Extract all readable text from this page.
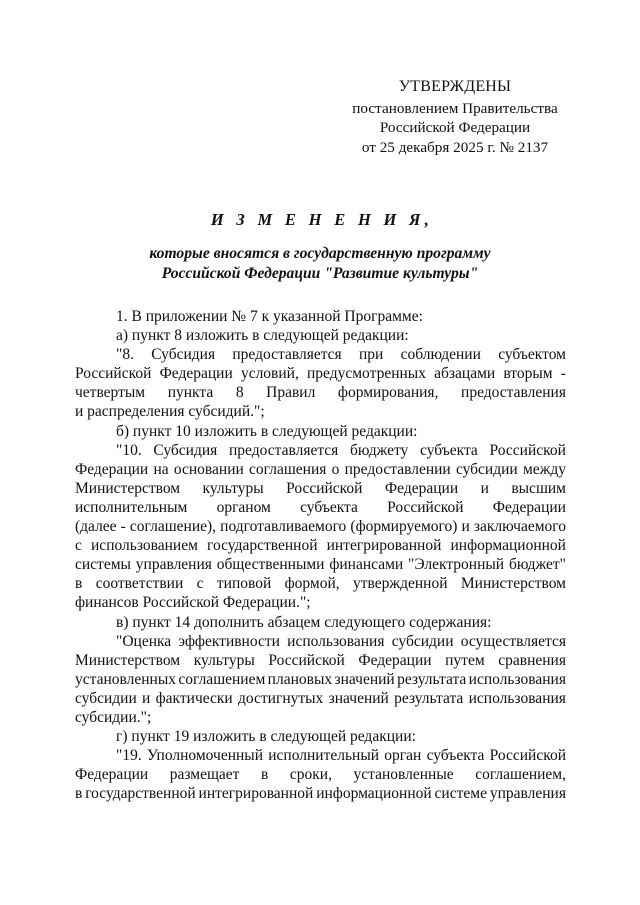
УТВЕРЖДЕНЫ
постановлением Правительства
Российской Федерации
от 25 декабря 2025 г. № 2137
И З М Е Н Е Н И Я,
которые вносятся в государственную программу
Российской Федерации "Развитие культуры"
1. В приложении № 7 к указанной Программе:
а) пункт 8 изложить в следующей редакции:
"8. Субсидия предоставляется при соблюдении субъектом
Российской Федерации условий, предусмотренных абзацами вторым -
четвертым пункта 8 Правил формирования, предоставления
и распределения субсидий.";
б) пункт 10 изложить в следующей редакции:
"10. Субсидия предоставляется бюджету субъекта Российской
Федерации на основании соглашения о предоставлении субсидии между
Министерством культуры Российской Федерации и высшим
исполнительным органом субъекта Российской Федерации
(далее - соглашение), подготавливаемого (формируемого) и заключаемого
с использованием государственной интегрированной информационной
системы управления общественными финансами "Электронный бюджет"
в соответствии с типовой формой, утвержденной Министерством
финансов Российской Федерации.";
в) пункт 14 дополнить абзацем следующего содержания:
"Оценка эффективности использования субсидии осуществляется
Министерством культуры Российской Федерации путем сравнения
установленных соглашением плановых значений результата использования
субсидии и фактически достигнутых значений результата использования
субсидии.";
г) пункт 19 изложить в следующей редакции:
"19. Уполномоченный исполнительный орган субъекта Российской
Федерации размещает в сроки, установленные соглашением,
в государственной интегрированной информационной системе управления
